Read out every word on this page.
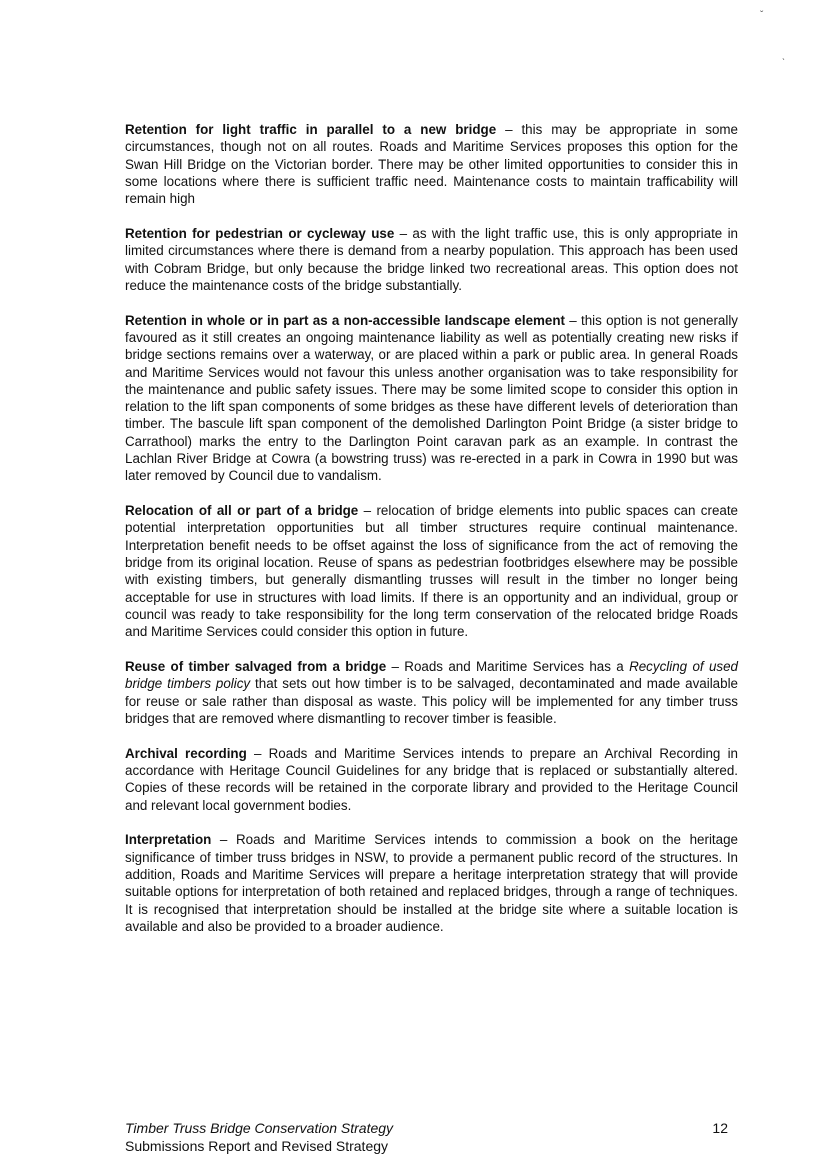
ˇ
ˎ

Retention for light traffic in parallel to a new bridge – this may be appropriate in some circumstances, though not on all routes. Roads and Maritime Services proposes this option for the Swan Hill Bridge on the Victorian border. There may be other limited opportunities to consider this in some locations where there is sufficient traffic need. Maintenance costs to maintain trafficability will remain high

Retention for pedestrian or cycleway use – as with the light traffic use, this is only appropriate in limited circumstances where there is demand from a nearby population. This approach has been used with Cobram Bridge, but only because the bridge linked two recreational areas. This option does not reduce the maintenance costs of the bridge substantially.

Retention in whole or in part as a non-accessible landscape element – this option is not generally favoured as it still creates an ongoing maintenance liability as well as potentially creating new risks if bridge sections remains over a waterway, or are placed within a park or public area. In general Roads and Maritime Services would not favour this unless another organisation was to take responsibility for the maintenance and public safety issues. There may be some limited scope to consider this option in relation to the lift span components of some bridges as these have different levels of deterioration than timber. The bascule lift span component of the demolished Darlington Point Bridge (a sister bridge to Carrathool) marks the entry to the Darlington Point caravan park as an example. In contrast the Lachlan River Bridge at Cowra (a bowstring truss) was re-erected in a park in Cowra in 1990 but was later removed by Council due to vandalism.

Relocation of all or part of a bridge – relocation of bridge elements into public spaces can create potential interpretation opportunities but all timber structures require continual maintenance. Interpretation benefit needs to be offset against the loss of significance from the act of removing the bridge from its original location. Reuse of spans as pedestrian footbridges elsewhere may be possible with existing timbers, but generally dismantling trusses will result in the timber no longer being acceptable for use in structures with load limits. If there is an opportunity and an individual, group or council was ready to take responsibility for the long term conservation of the relocated bridge Roads and Maritime Services could consider this option in future.

Reuse of timber salvaged from a bridge – Roads and Maritime Services has a Recycling of used bridge timbers policy that sets out how timber is to be salvaged, decontaminated and made available for reuse or sale rather than disposal as waste. This policy will be implemented for any timber truss bridges that are removed where dismantling to recover timber is feasible.

Archival recording – Roads and Maritime Services intends to prepare an Archival Recording in accordance with Heritage Council Guidelines for any bridge that is replaced or substantially altered. Copies of these records will be retained in the corporate library and provided to the Heritage Council and relevant local government bodies.

Interpretation – Roads and Maritime Services intends to commission a book on the heritage significance of timber truss bridges in NSW, to provide a permanent public record of the structures. In addition, Roads and Maritime Services will prepare a heritage interpretation strategy that will provide suitable options for interpretation of both retained and replaced bridges, through a range of techniques. It is recognised that interpretation should be installed at the bridge site where a suitable location is available and also be provided to a broader audience.

Timber Truss Bridge Conservation Strategy
Submissions Report and Revised Strategy
12
